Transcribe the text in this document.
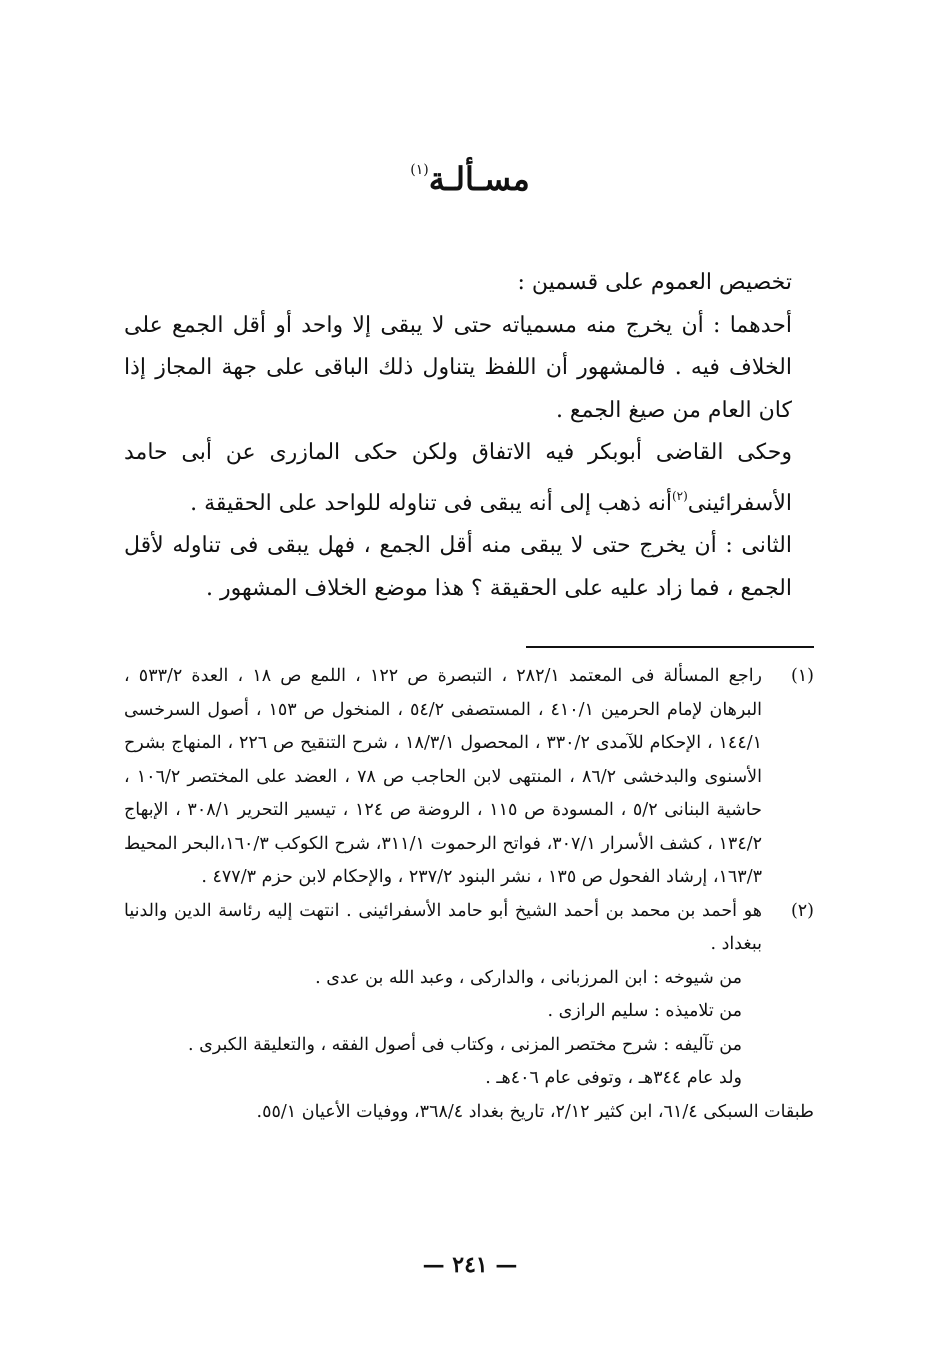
مسـألـة$^{(١)}$

تخصيص العموم على قسمين :

أحدهما : أن يخرج منه مسمياته حتى لا يبقى إلا واحد أو أقل الجمع على الخلاف فيه . فالمشهور أن اللفظ يتناول ذلك الباقى على جهة المجاز إذا كان العام من صيغ الجمع .

وحكى القاضى أبوبكر فيه الاتفاق ولكن حكى المازرى عن أبى حامد الأسفرائينى$^{(٢)}$أنه ذهب إلى أنه يبقى فى تناوله للواحد على الحقيقة .

الثانى : أن يخرج حتى لا يبقى منه أقل الجمع ، فهل يبقى فى تناوله لأقل الجمع ، فما زاد عليه على الحقيقة ؟ هذا موضع الخلاف المشهور .

(١)

راجع المسألة فى المعتمد ٢٨٢/١ ، التبصرة ص ١٢٢ ، اللمع ص ١٨ ، العدة ٥٣٣/٢ ، البرهان لإمام الحرمين ٤١٠/١ ، المستصفى ٥٤/٢ ، المنخول ص ١٥٣ ، أصول السرخسى ١٤٤/١ ، الإحكام للآمدى ٣٣٠/٢ ، المحصول ١٨/٣/١ ، شرح التنقيح ص ٢٢٦ ، المنهاج بشرح الأسنوى والبدخشى ٨٦/٢ ، المنتهى لابن الحاجب ص ٧٨ ، العضد على المختصر ١٠٦/٢ ، حاشية البنانى ٥/٢ ، المسودة ص ١١٥ ، الروضة ص ١٢٤ ، تيسير التحرير ٣٠٨/١ ، الإبهاج ١٣٤/٢ ، كشف الأسرار ٣٠٧/١، فواتح الرحموت ٣١١/١، شرح الكوكب ١٦٠/٣،البحر المحيط ١٦٣/٣، إرشاد الفحول ص ١٣٥ ، نشر البنود ٢٣٧/٢ ، والإحكام لابن حزم ٤٧٧/٣ .

(٢)

هو أحمد بن محمد بن أحمد الشيخ أبو حامد الأسفرائينى . انتهت إليه رئاسة الدين والدنيا ببغداد .

من شيوخه : ابن المرزبانى ، والداركى ، وعبد الله بن عدى .

من تلاميذه : سليم الرازى .

من تآليفه : شرح مختصر المزنى ، وكتاب فى أصول الفقه ، والتعليقة الكبرى .

ولد عام ٣٤٤هـ ، وتوفى عام ٤٠٦هـ .

طبقات السبكى ٦١/٤، ابن كثير ٢/١٢، تاريخ بغداد ٣٦٨/٤، ووفيات الأعيان ٥٥/١.

— ٢٤١ —
